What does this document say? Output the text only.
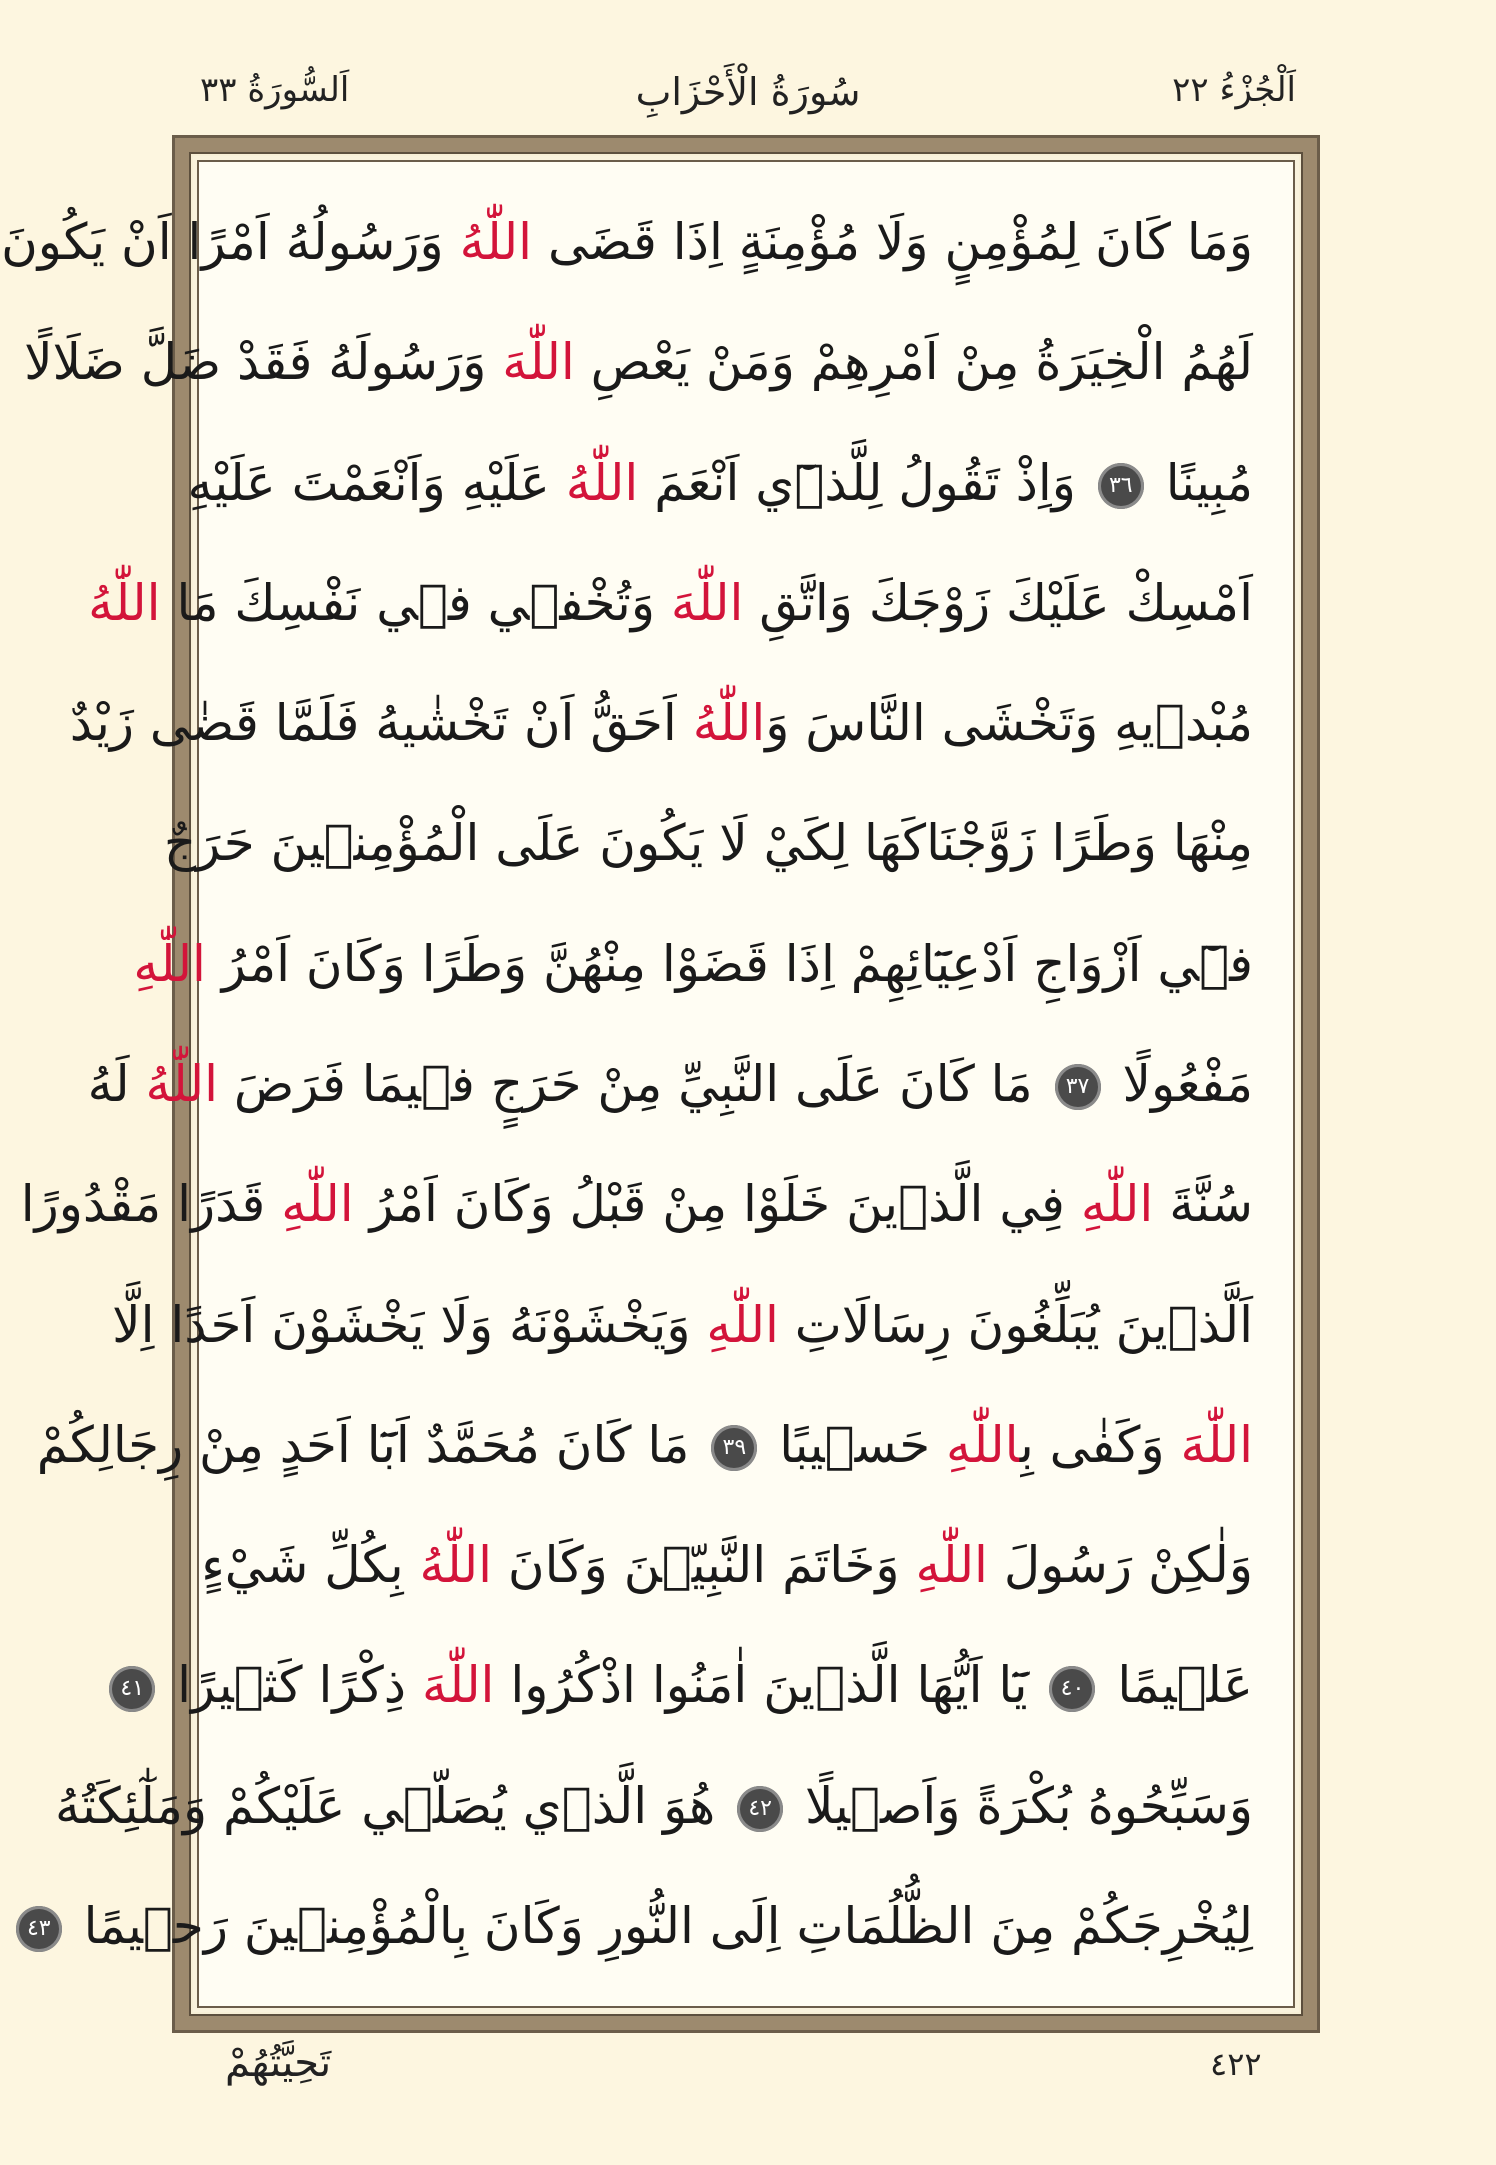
اَلْجُزْءُ ٢٢
سُورَةُ الْأَحْزَابِ
اَلسُّورَةُ ٣٣
وَمَا كَانَ لِمُؤْمِنٍ وَلَا مُؤْمِنَةٍ اِذَا قَضَى اللّٰهُ وَرَسُولُهُ اَمْرًا اَنْ يَكُونَ
لَهُمُ الْخِيَرَةُ مِنْ اَمْرِهِمْ وَمَنْ يَعْصِ اللّٰهَ وَرَسُولَهُ فَقَدْ ضَلَّ ضَلَالًا
مُبِينًا ٣٦ وَاِذْ تَقُولُ لِلَّذ۪ٓي اَنْعَمَ اللّٰهُ عَلَيْهِ وَاَنْعَمْتَ عَلَيْهِ
اَمْسِكْ عَلَيْكَ زَوْجَكَ وَاتَّقِ اللّٰهَ وَتُخْف۪ي ف۪ي نَفْسِكَ مَا اللّٰهُ
مُبْد۪يهِ وَتَخْشَى النَّاسَ وَاللّٰهُ اَحَقُّ اَنْ تَخْشٰيهُ فَلَمَّا قَضٰى زَيْدٌ
مِنْهَا وَطَرًا زَوَّجْنَاكَهَا لِكَيْ لَا يَكُونَ عَلَى الْمُؤْمِن۪ينَ حَرَجٌ
ف۪ٓي اَزْوَاجِ اَدْعِيَٓائِهِمْ اِذَا قَضَوْا مِنْهُنَّ وَطَرًا وَكَانَ اَمْرُ اللّٰهِ
مَفْعُولًا ٣٧ مَا كَانَ عَلَى النَّبِيِّ مِنْ حَرَجٍ ف۪يمَا فَرَضَ اللّٰهُ لَهُ
سُنَّةَ اللّٰهِ فِي الَّذ۪ينَ خَلَوْا مِنْ قَبْلُ وَكَانَ اَمْرُ اللّٰهِ قَدَرًا مَقْدُورًا
اَلَّذ۪ينَ يُبَلِّغُونَ رِسَالَاتِ اللّٰهِ وَيَخْشَوْنَهُ وَلَا يَخْشَوْنَ اَحَدًا اِلَّا
اللّٰهَ وَكَفٰى بِاللّٰهِ حَس۪يبًا ٣٩ مَا كَانَ مُحَمَّدٌ اَبَٓا اَحَدٍ مِنْ رِجَالِكُمْ
وَلٰكِنْ رَسُولَ اللّٰهِ وَخَاتَمَ النَّبِيّ۪نَ وَكَانَ اللّٰهُ بِكُلِّ شَيْءٍ
عَل۪يمًا ٤٠ يَٓا اَيُّهَا الَّذ۪ينَ اٰمَنُوا اذْكُرُوا اللّٰهَ ذِكْرًا كَث۪يرًا ٤١
وَسَبِّحُوهُ بُكْرَةً وَاَص۪يلًا ٤٢ هُوَ الَّذ۪ي يُصَلّ۪ي عَلَيْكُمْ وَمَلٰٓئِكَتُهُ
لِيُخْرِجَكُمْ مِنَ الظُّلُمَاتِ اِلَى النُّورِ وَكَانَ بِالْمُؤْمِن۪ينَ رَح۪يمًا ٤٣
تَحِيَّتُهُمْ	٤٢٢
